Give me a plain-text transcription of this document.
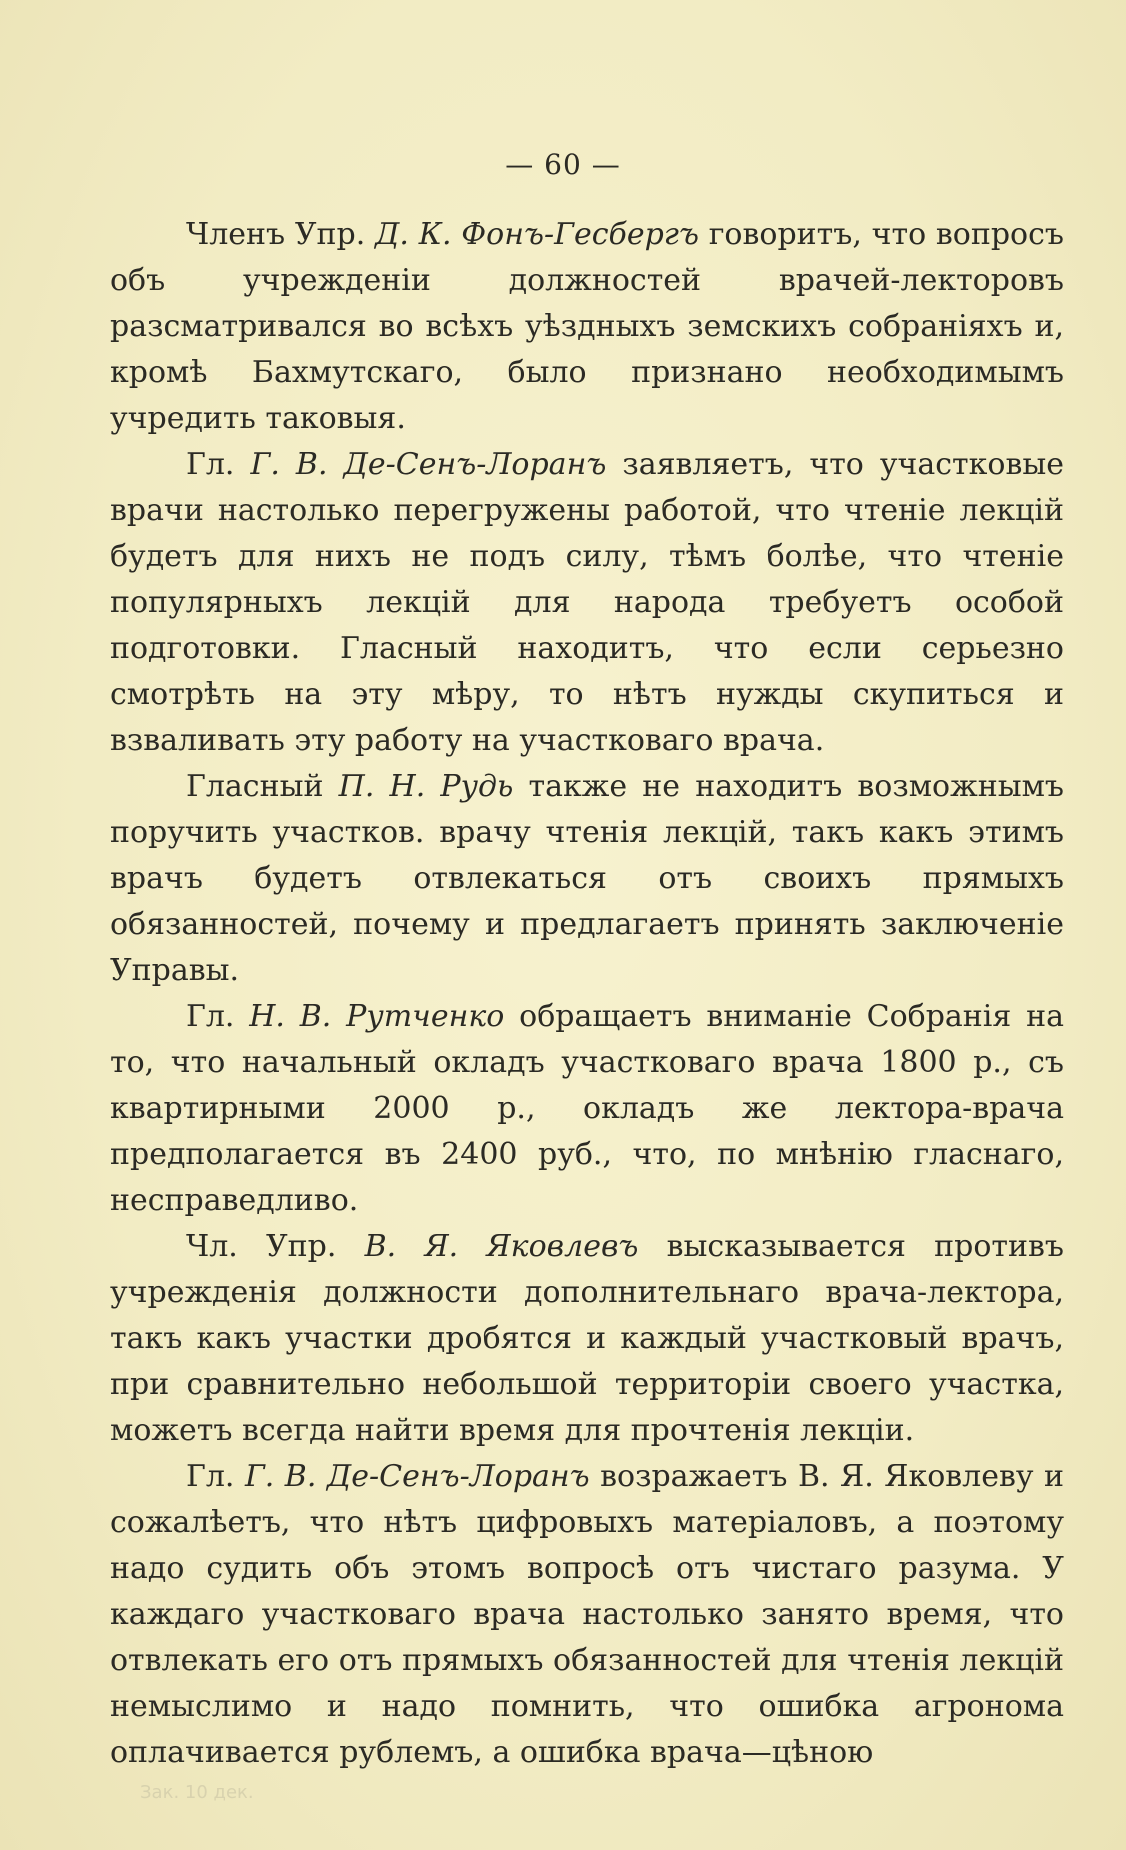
— 60 —

Членъ Упр. Д. К. Фонъ-Гесбергъ говоритъ, что вопросъ объ учрежденіи должностей врачей-лекторовъ разсматривался во всѣхъ уѣздныхъ земскихъ собраніяхъ и, кромѣ Бахмутскаго, было признано необходимымъ учредить таковыя.

Гл. Г. В. Де-Сенъ-Лоранъ заявляетъ, что участковые врачи настолько перегружены работой, что чтеніе лекцій будетъ для нихъ не подъ силу, тѣмъ болѣе, что чтеніе популярныхъ лекцій для народа требуетъ особой подготовки. Гласный находитъ, что если серьезно смотрѣть на эту мѣру, то нѣтъ нужды скупиться и взваливать эту работу на участковаго врача.

Гласный П. Н. Рудь также не находитъ возможнымъ поручить участков. врачу чтенія лекцій, такъ какъ этимъ врачъ будетъ отвлекаться отъ своихъ прямыхъ обязанностей, почему и предлагаетъ принять заключеніе Управы.

Гл. Н. В. Рутченко обращаетъ вниманіе Собранія на то, что начальный окладъ участковаго врача 1800 р., съ квартирными 2000 р., окладъ же лектора-врача предполагается въ 2400 руб., что, по мнѣнію гласнаго, несправедливо.

Чл. Упр. В. Я. Яковлевъ высказывается противъ учрежденія должности дополнительнаго врача-лектора, такъ какъ участки дробятся и каждый участковый врачъ, при сравнительно небольшой территоріи своего участка, можетъ всегда найти время для прочтенія лекціи.

Гл. Г. В. Де-Сенъ-Лоранъ возражаетъ В. Я. Яковлеву и сожалѣетъ, что нѣтъ цифровыхъ матеріаловъ, а поэтому надо судить объ этомъ вопросѣ отъ чистаго разума. У каждаго участковаго врача настолько занято время, что отвлекать его отъ прямыхъ обязанностей для чтенія лекцій немыслимо и надо помнить, что ошибка агронома оплачивается рублемъ, а ошибка врача—цѣною

Зак. 10 дек.
